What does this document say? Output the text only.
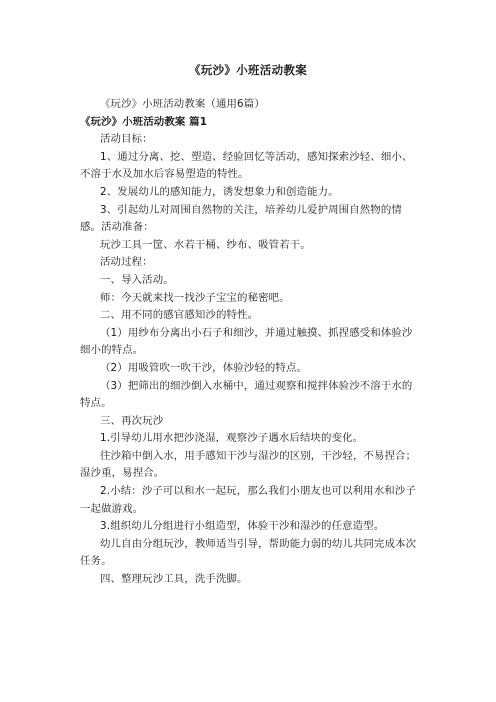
《玩沙》小班活动教案

《玩沙》小班活动教案（通用6篇）

《玩沙》小班活动教案 篇1

活动目标：

1、通过分离、挖、塑造、经验回忆等活动，感知探索沙轻、细小、不溶于水及加水后容易塑造的特性。

2、发展幼儿的感知能力，诱发想象力和创造能力。

3、引起幼儿对周围自然物的关注，培养幼儿爱护周围自然物的情感。活动准备：

玩沙工具一筐、水若干桶、纱布、吸管若干。

活动过程：

一、导入活动。

师：今天就来找一找沙子宝宝的秘密吧。

二、用不同的感官感知沙的特性。

（1）用纱布分离出小石子和细沙，并通过触摸、抓捏感受和体验沙细小的特点。

（2）用吸管吹一吹干沙，体验沙轻的特点。

（3）把筛出的细沙倒入水桶中，通过观察和搅拌体验沙不溶于水的特点。

三、再次玩沙

1.引导幼儿用水把沙浇湿，观察沙子遇水后结块的变化。

往沙箱中倒入水，用手感知干沙与湿沙的区别，干沙轻，不易捏合；湿沙重，易捏合。

2.小结：沙子可以和水一起玩，那么我们小朋友也可以利用水和沙子一起做游戏。

3.组织幼儿分组进行小组造型，体验干沙和湿沙的任意造型。

幼儿自由分组玩沙，教师适当引导，帮助能力弱的幼儿共同完成本次任务。

四、整理玩沙工具，洗手洗脚。
